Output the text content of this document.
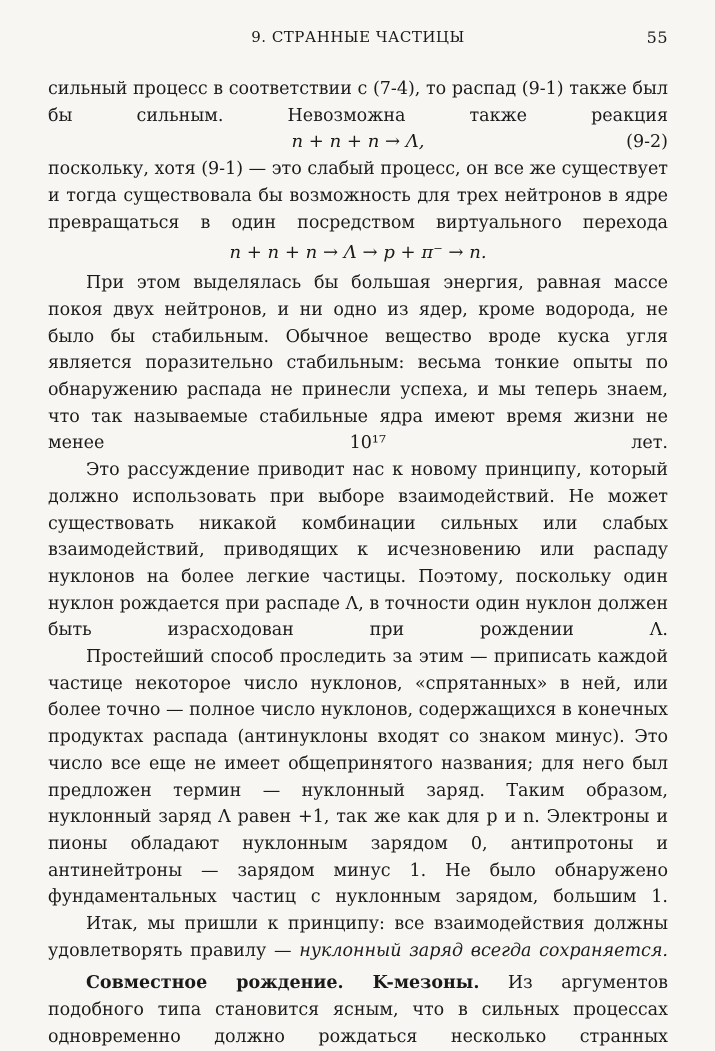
9. СТРАННЫЕ ЧАСТИЦЫ	55

сильный процесс в соответствии с (7-4), то распад (9-1) также был бы сильным. Невозможна также реакция

n + n + n → Λ,	(9-2)

поскольку, хотя (9-1) — это слабый процесс, он все же существует и тогда существовала бы возможность для трех нейтронов в ядре превращаться в один посредством виртуального перехода

n + n + n → Λ → p + π⁻ → n.

При этом выделялась бы большая энергия, равная массе покоя двух нейтронов, и ни одно из ядер, кроме водорода, не было бы стабильным. Обычное вещество вроде куска угля является поразительно стабильным: весьма тонкие опыты по обнаружению распада не принесли успеха, и мы теперь знаем, что так называемые стабильные ядра имеют время жизни не менее 10¹⁷ лет.

Это рассуждение приводит нас к новому принципу, который должно использовать при выборе взаимодействий. Не может существовать никакой комбинации сильных или слабых взаимодействий, приводящих к исчезновению или распаду нуклонов на более легкие частицы. Поэтому, поскольку один нуклон рождается при распаде Λ, в точности один нуклон должен быть израсходован при рождении Λ.

Простейший способ проследить за этим — приписать каждой частице некоторое число нуклонов, «спрятанных» в ней, или более точно — полное число нуклонов, содержащихся в конечных продуктах распада (антинуклоны входят со знаком минус). Это число все еще не имеет общепринятого названия; для него был предложен термин — нуклонный заряд. Таким образом, нуклонный заряд Λ равен +1, так же как для p и n. Электроны и пионы обладают нуклонным зарядом 0, антипротоны и антинейтроны — зарядом минус 1. Не было обнаружено фундаментальных частиц с нуклонным зарядом, большим 1.

Итак, мы пришли к принципу: все взаимодействия должны удовлетворять правилу — нуклонный заряд всегда сохраняется.

Совместное рождение. K-мезоны. Из аргументов подобного типа становится ясным, что в сильных процессах одновременно должно рождаться несколько странных
